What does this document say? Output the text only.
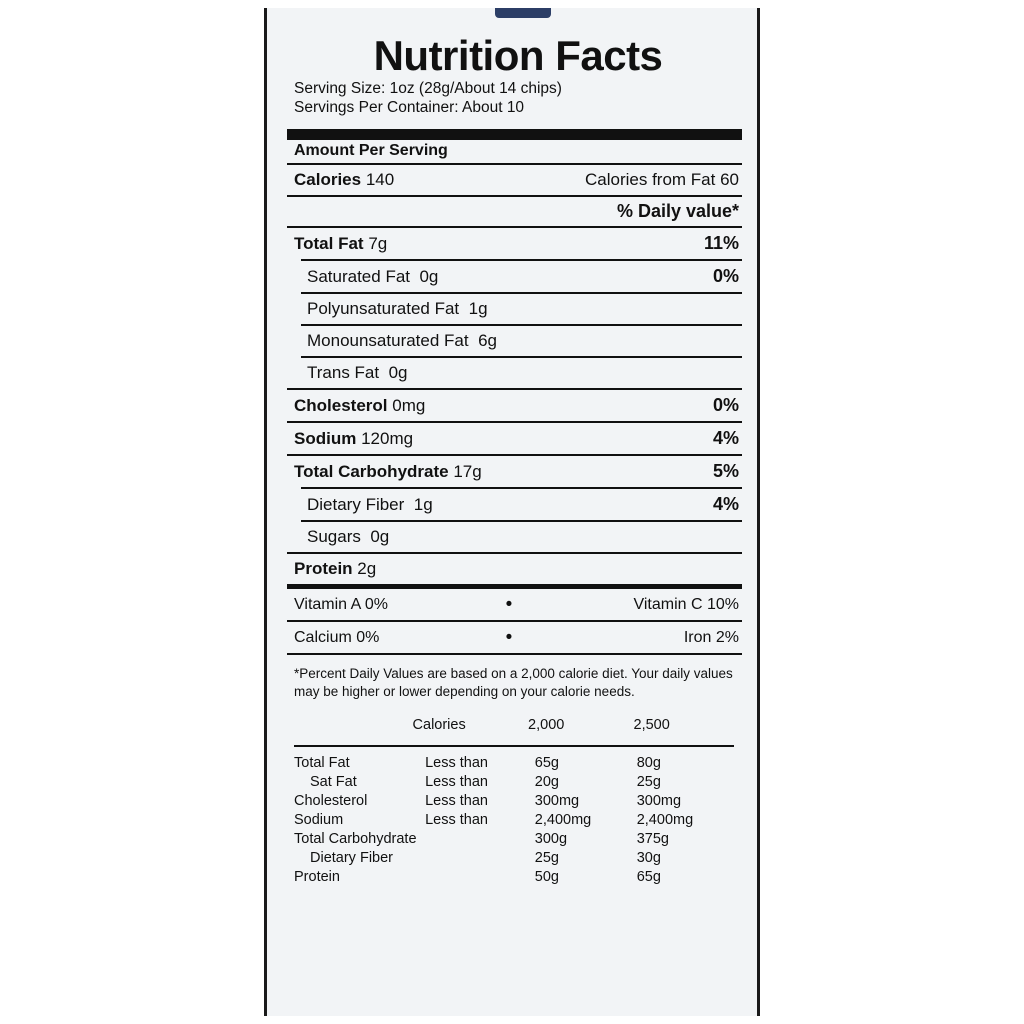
Nutrition Facts
Serving Size: 1oz (28g/About 14 chips)
Servings Per Container: About 10
Amount Per Serving
Calories 140	Calories from Fat 60
% Daily value*
Total Fat 7g	11%
Saturated Fat 0g	0%
Polyunsaturated Fat 1g
Monounsaturated Fat 6g
Trans Fat 0g
Cholesterol 0mg	0%
Sodium 120mg	4%
Total Carbohydrate 17g	5%
Dietary Fiber 1g	4%
Sugars 0g
Protein 2g
Vitamin A 0%	•	Vitamin C 10%
Calcium 0%	•	Iron 2%
*Percent Daily Values are based on a 2,000 calorie diet. Your daily values may be higher or lower depending on your calorie needs.
	Calories	2,000	2,500
Total Fat	Less than	65g	80g
Sat Fat	Less than	20g	25g
Cholesterol	Less than	300mg	300mg
Sodium	Less than	2,400mg	2,400mg
Total Carbohydrate		300g	375g
Dietary Fiber		25g	30g
Protein		50g	65g
